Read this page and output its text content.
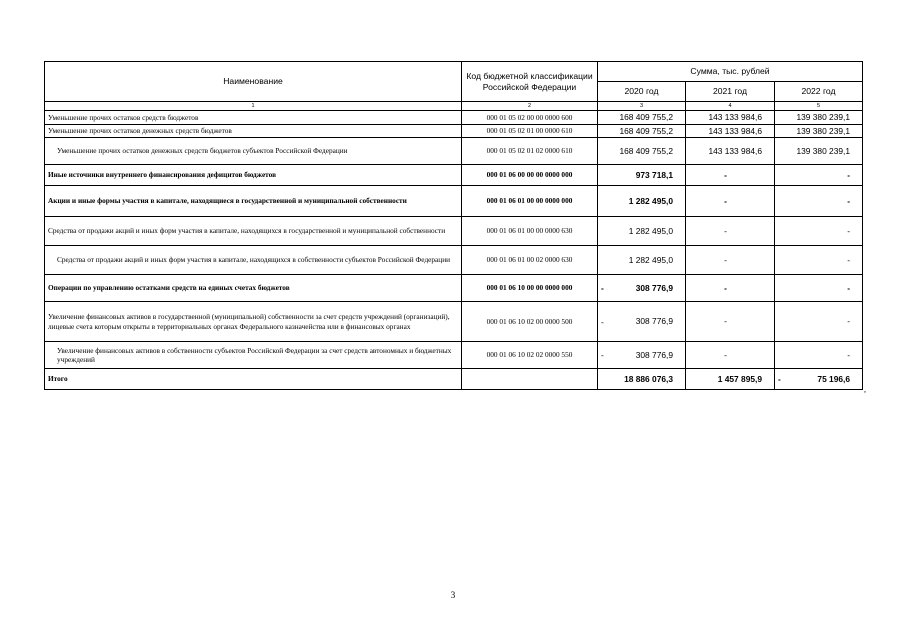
Наименование	Код бюджетной классификации Российской Федерации	Сумма, тыс. рублей		
		2020 год	2021 год	2022 год
1	2	3	4	5
Уменьшение прочих остатков средств бюджетов	000 01 05 02 00 00 0000 600	168 409 755,2	143 133 984,6	139 380 239,1
Уменьшение прочих остатков денежных средств бюджетов	000 01 05 02 01 00 0000 610	168 409 755,2	143 133 984,6	139 380 239,1
Уменьшение прочих остатков денежных средств бюджетов субъектов Российской Федерации	000 01 05 02 01 02 0000 610	168 409 755,2	143 133 984,6	139 380 239,1
Иные источники внутреннего финансирования дефицитов бюджетов	000 01 06 00 00 00 0000 000	973 718,1	-	-
Акции и иные формы участия в капитале, находящиеся в государственной и муниципальной собственности	000 01 06 01 00 00 0000 000	1 282 495,0	-	-
Средства от продажи акций и иных форм участия в капитале, находящихся в государственной и муниципальной собственности	000 01 06 01 00 00 0000 630	1 282 495,0	-	-
Средства от продажи акций и иных форм участия в капитале, находящихся в собственности субъектов Российской Федерации	000 01 06 01 00 02 0000 630	1 282 495,0	-	-
Операции по управлению остатками средств на единых счетах бюджетов	000 01 06 10 00 00 0000 000	- 308 776,9	-	-
Увеличение финансовых активов в государственной (муниципальной) собственности за счет средств учреждений (организаций), лицевые счета которым открыты в территориальных органах Федерального казначейства или в финансовых органах	000 01 06 10 02 00 0000 500	- 308 776,9	-	-
Увеличение финансовых активов в собственности субъектов Российской Федерации за счет средств автономных и бюджетных учреждений	000 01 06 10 02 02 0000 550	- 308 776,9	-	-
Итого		18 886 076,3	1 457 895,9	- 75 196,6
,
3
